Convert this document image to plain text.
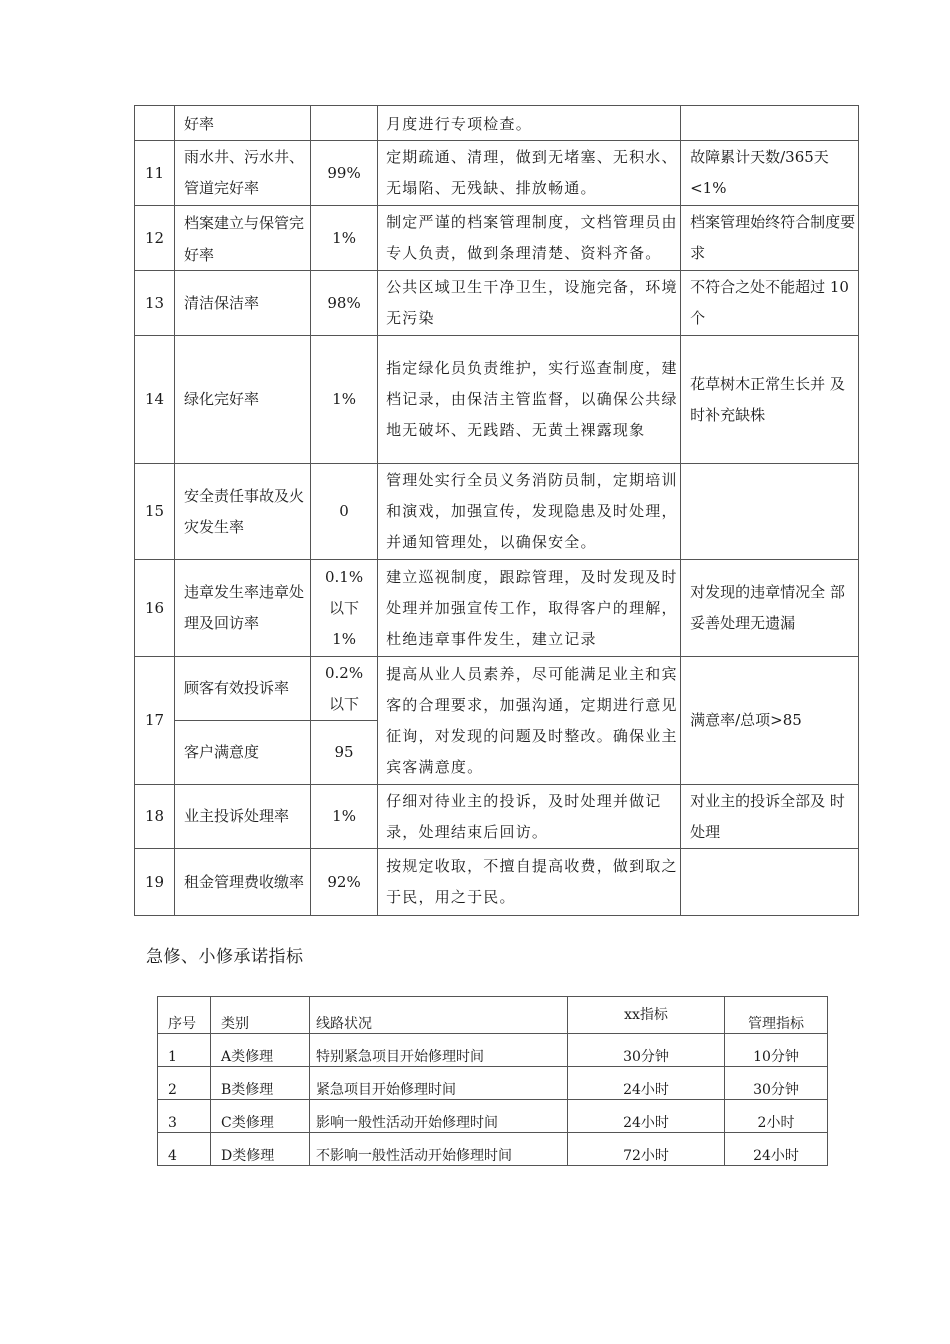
	好率		月度进行专项检查。	
11	雨水井、污水井、 管道完好率	99%	定期疏通、清理，做到无堵塞、无积水、无塌陷、无残缺、排放畅通。	故障累计天数/365天<1%
12	档案建立与保管完好率	1%	制定严谨的档案管理制度，文档管理员由专人负责，做到条理清楚、资料齐备。	档案管理始终符合制度要求
13	清洁保洁率	98%	公共区域卫生干净卫生，设施完备，环境无污染	不符合之处不能超过 10个
14	绿化完好率	1%	指定绿化员负责维护，实行巡查制度，建档记录，由保洁主管监督，以确保公共绿地无破坏、无践踏、无黄土裸露现象	花草树木正常生长并 及时补充缺株
15	安全责任事故及火灾发生率	0	管理处实行全员义务消防员制，定期培训和演戏，加强宣传，发现隐患及时处理，并通知管理处，以确保安全。	
16	违章发生率违章处理及回访率	0.1%以下1%	建立巡视制度，跟踪管理，及时发现及时处理并加强宣传工作，取得客户的理解，杜绝违章事件发生，建立记录	对发现的违章情况全 部妥善处理无遗漏
17	顾客有效投诉率	0.2%以下	提高从业人员素养，尽可能满足业主和宾客的合理要求，加强沟通，定期进行意见征询，对发现的问题及时整改。确保业主宾客满意度。	满意率/总项>85
	客户满意度	95		
18	业主投诉处理率	1%	仔细对待业主的投诉，及时处理并做记录，处理结束后回访。	对业主的投诉全部及 时处理
19	租金管理费收缴率	92%	按规定收取，不擅自提高收费，做到取之于民，用之于民。	
急修、小修承诺指标
序号	类别	线路状况	xx指标	管理指标
1	A类修理	特别紧急项目开始修理时间	30分钟	10分钟
2	B类修理	紧急项目开始修理时间	24小时	30分钟
3	C类修理	影响一般性活动开始修理时间	24小时	2小时
4	D类修理	不影响一般性活动开始修理时间	72小时	24小时
